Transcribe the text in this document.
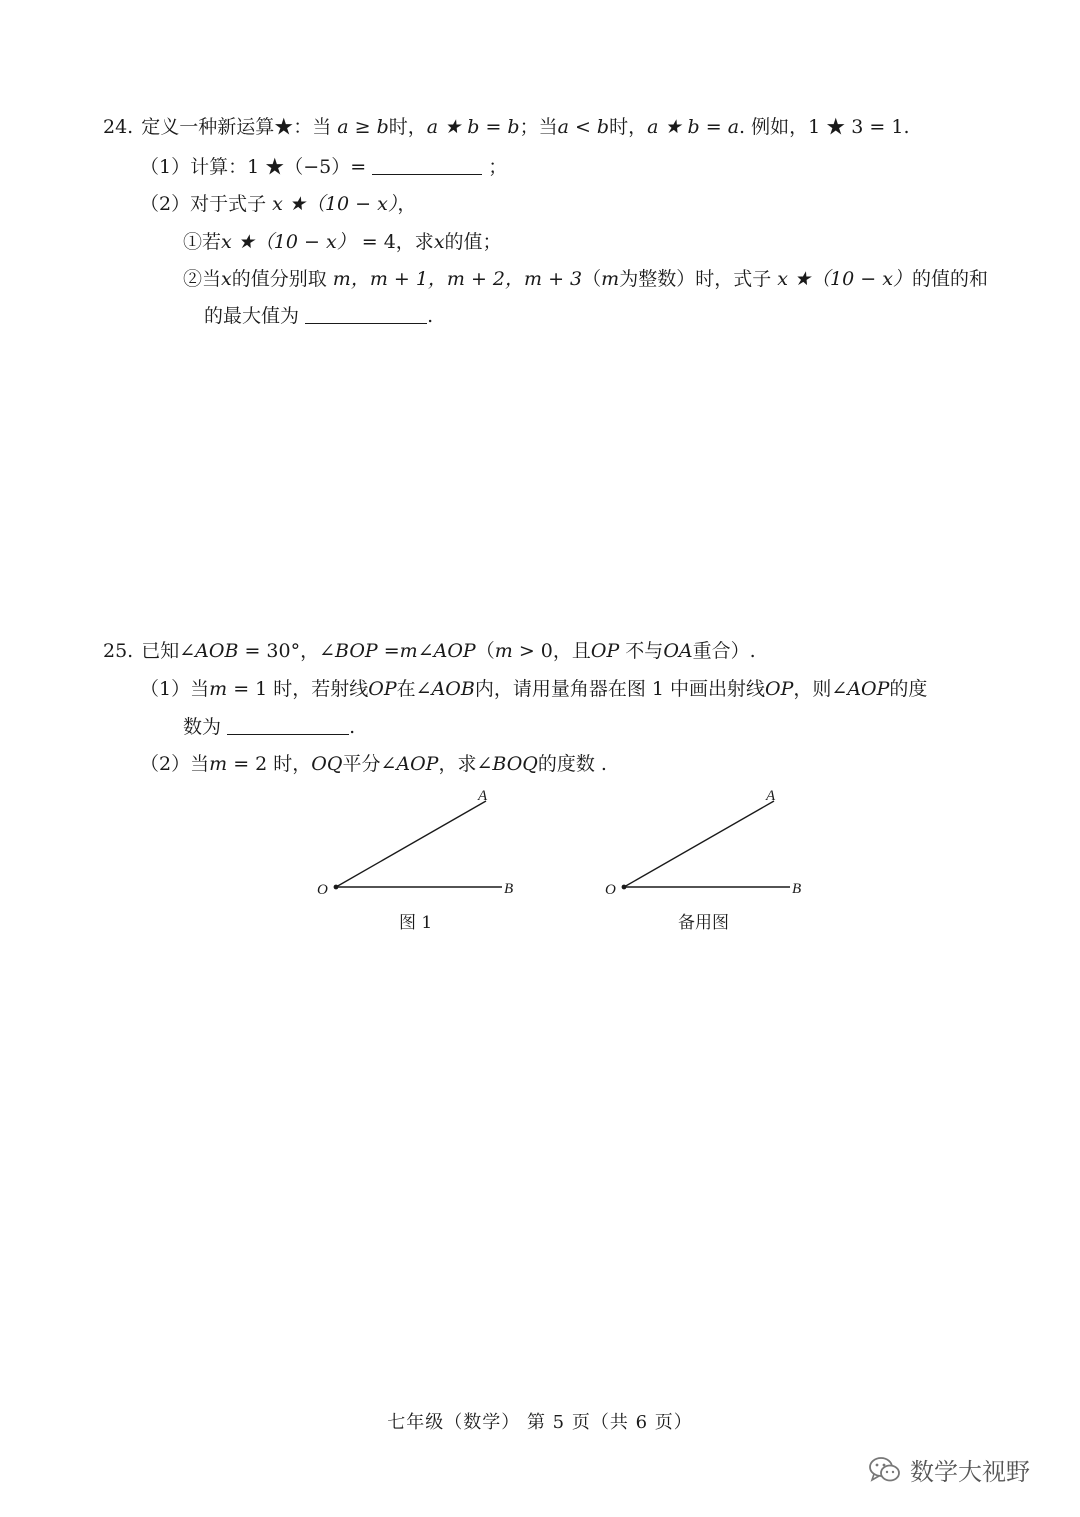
24. 定义一种新运算★：当 a ≥ b时，a ★ b = b；当a < b时，a ★ b = a. 例如，1 ★ 3 = 1.
（1）计算：1 ★（−5）=	；
（2）对于式子 x ★（10 − x），
①若x ★（10 − x） = 4，求x的值；
②当x的值分别取 m，m + 1，m + 2，m + 3（m为整数）时，式子 x ★（10 − x）的值的和
的最大值为	.
25. 已知∠AOB = 30°，∠BOP =m∠AOP（m > 0，且OP 不与OA重合）.
（1）当m = 1 时，若射线OP在∠AOB内，请用量角器在图 1 中画出射线OP，则∠AOP的度
数为	.
（2）当m = 2 时，OQ平分∠AOP，求∠BOQ的度数 .
O
A
B
图 1
O
A
B
备用图
七年级（数学） 第 5 页（共 6 页）
数学大视野
